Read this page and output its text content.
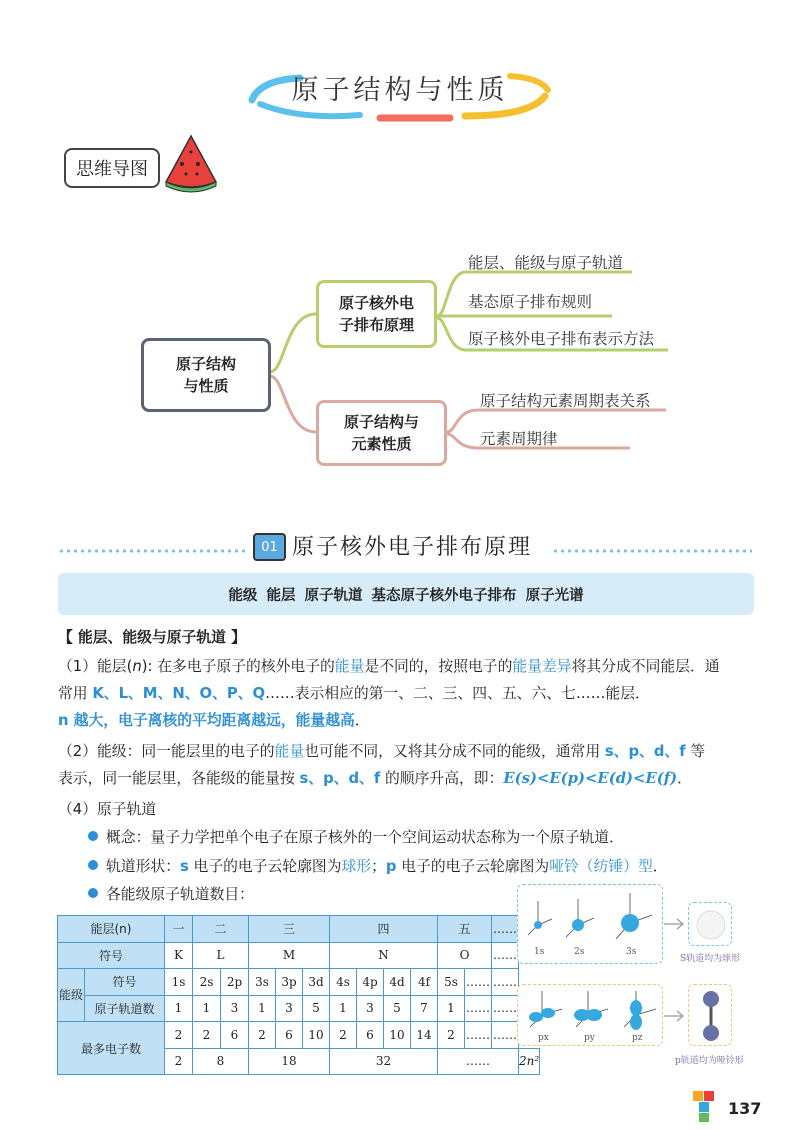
原子结构与性质
思维导图
原子结构
与性质
原子核外电
子排布原理
原子结构与
元素性质
能层、能级与原子轨道
基态原子排布规则
原子核外电子排布表示方法
原子结构元素周期表关系
元素周期律
01 原子核外电子排布原理
能级 能层 原子轨道 基态原子核外电子排布 原子光谱
【 能层、能级与原子轨道 】
（1）能层(n): 在多电子原子的核外电子的能量是不同的，按照电子的能量差异将其分成不同能层．通
常用 K、L、M、N、O、P、Q……表示相应的第一、二、三、四、五、六、七……能层．
n 越大，电子离核的平均距离越远，能量越高．
（2）能级：同一能层里的电子的能量也可能不同，又将其分成不同的能级，通常用 s、p、d、f 等
表示，同一能层里，各能级的能量按 s、p、d、f 的顺序升高，即：E(s)<E(p)<E(d)<E(f)．
（4）原子轨道
概念：量子力学把单个电子在原子核外的一个空间运动状态称为一个原子轨道．
轨道形状：s 电子的电子云轮廓图为球形；p 电子的电子云轮廓图为哑铃（纺锤）型．
各能级原子轨道数目：
能层(n)		一	二		三			四				五		……	
符号		K	L		M			N				O		……	
能级	符号	1s	2s	2p	3s	3p	3d	4s	4p	4d	4f	5s	……	……	
	原子轨道数	1	1	3	1	3	5	1	3	5	7	1	……	……	
最多电子数		2	2	6	2	6	10	2	6	10	14	2	……	……	
		2	8		18			32				……			2n²
1s	2s	3s
S轨道均为球形
px	py	pz
p轨道均为哑铃形
137
